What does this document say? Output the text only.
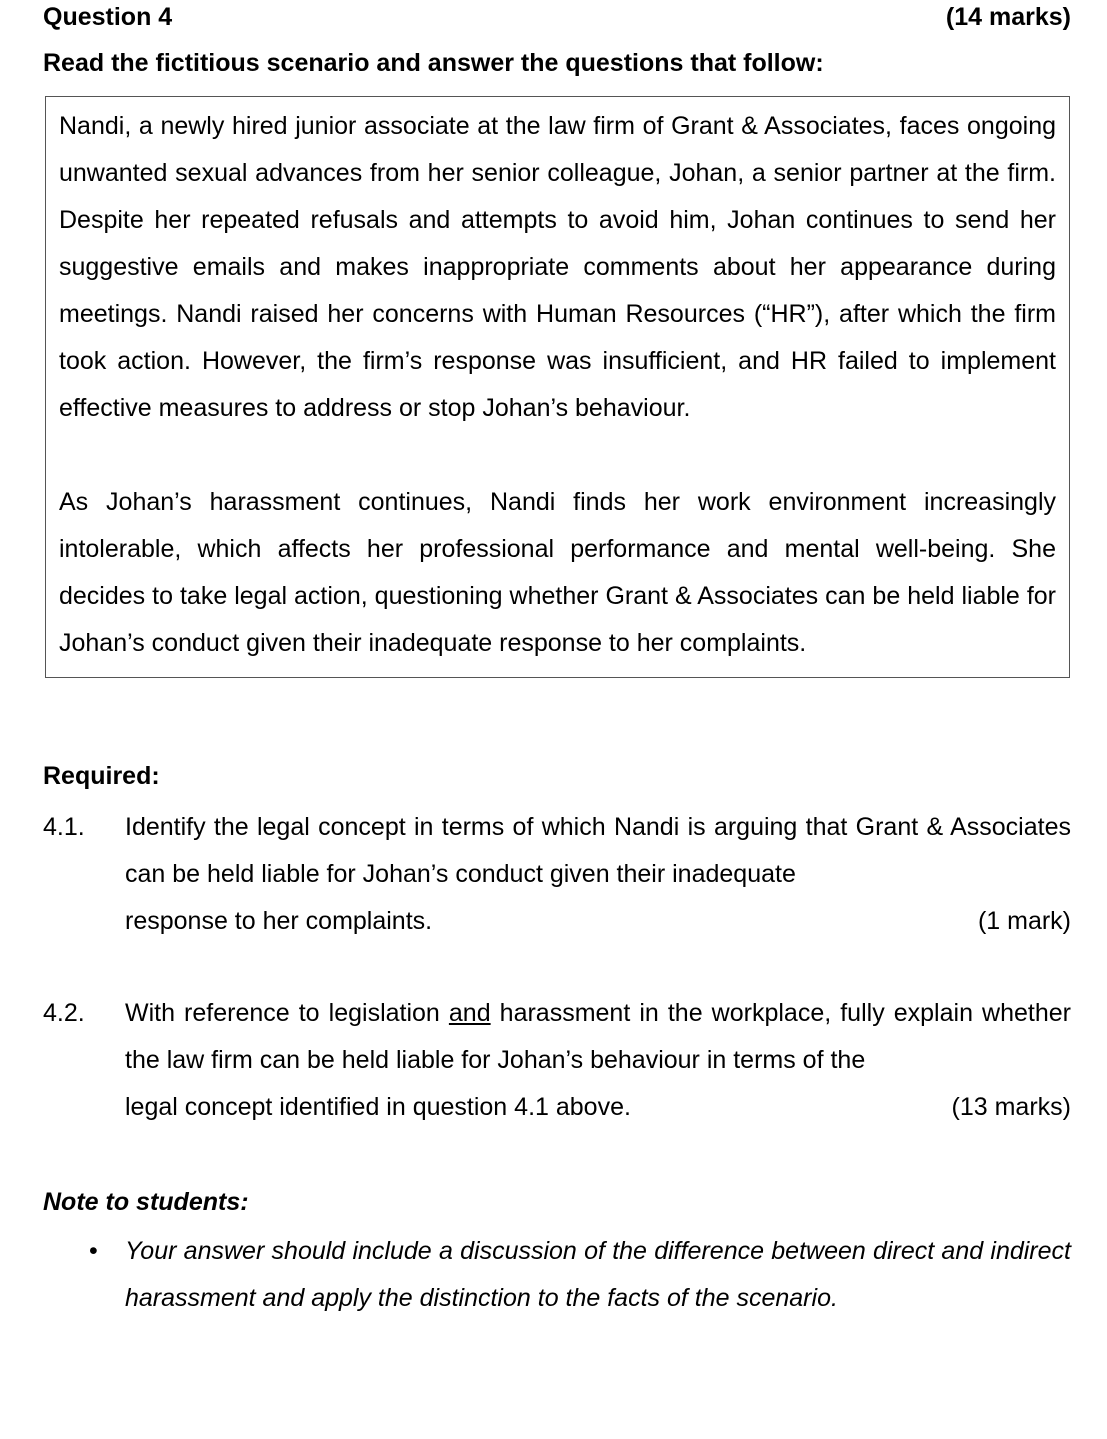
Question 4	(14 marks)
Read the fictitious scenario and answer the questions that follow:

Nandi, a newly hired junior associate at the law firm of Grant & Associates, faces ongoing unwanted sexual advances from her senior colleague, Johan, a senior partner at the firm. Despite her repeated refusals and attempts to avoid him, Johan continues to send her suggestive emails and makes inappropriate comments about her appearance during meetings. Nandi raised her concerns with Human Resources (“HR”), after which the firm took action. However, the firm’s response was insufficient, and HR failed to implement effective measures to address or stop Johan’s behaviour.

As Johan’s harassment continues, Nandi finds her work environment increasingly intolerable, which affects her professional performance and mental well-being. She decides to take legal action, questioning whether Grant & Associates can be held liable for Johan’s conduct given their inadequate response to her complaints.

Required:
4.1.	Identify the legal concept in terms of which Nandi is arguing that Grant & Associates can be held liable for Johan’s conduct given their inadequate
response to her complaints.	(1 mark)
4.2.	With reference to legislation and harassment in the workplace, fully explain whether the law firm can be held liable for Johan’s behaviour in terms of the
legal concept identified in question 4.1 above.	(13 marks)
Note to students:
• Your answer should include a discussion of the difference between direct and indirect harassment and apply the distinction to the facts of the scenario.
